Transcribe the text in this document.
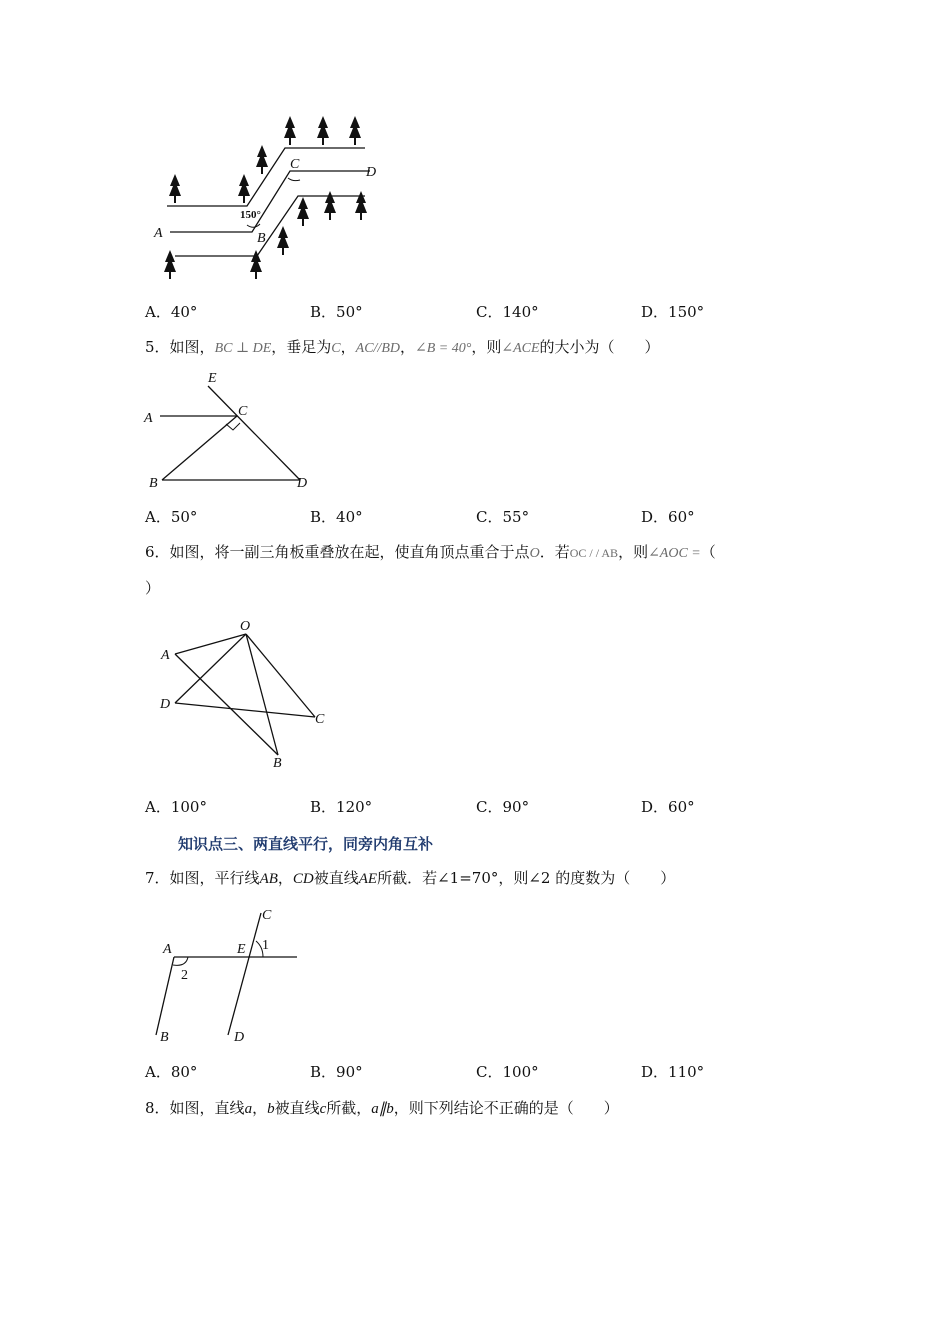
C
D
A	B
150°
A．40°	B．50°	C．140°	D．150°
5．如图，BC ⊥ DE，垂足为C，AC//BD，∠B = 40°，则∠ACE的大小为（　　）
E
A	C
B	D
A．50°	B．40°	C．55°	D．60°
6．如图，将一副三角板重叠放在起，使直角顶点重合于点O．若OC / / AB，则∠AOC =（
）
O
A
D
C
B
A．100°	B．120°	C．90°	D．60°
知识点三、两直线平行，同旁内角互补
7．如图，平行线AB，CD被直线AE所截．若∠1=70°，则∠2 的度数为（　　）
C
A	E 1
2
B	D
A．80°	B．90°	C．100°	D．110°
8．如图，直线a，b被直线c所截，a∥b，则下列结论不正确的是（　　）
